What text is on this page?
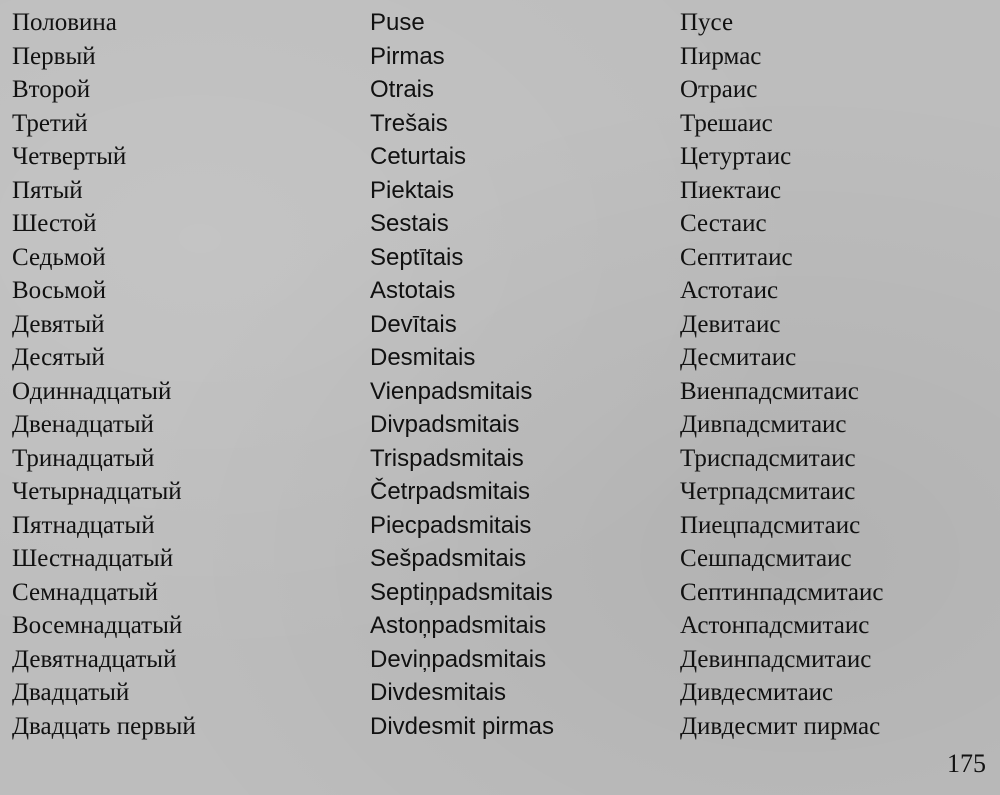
Половина
Первый
Второй
Третий
Четвертый
Пятый
Шестой
Седьмой
Восьмой
Девятый
Десятый
Одиннадцатый
Двенадцатый
Тринадцатый
Четырнадцатый
Пятнадцатый
Шестнадцатый
Семнадцатый
Восемнадцатый
Девятнадцатый
Двадцатый
Двадцать первый
Puse
Pirmas
Otrais
Trešais
Ceturtais
Piektais
Sestais
Septītais
Astotais
Devītais
Desmitais
Vienpadsmitais
Divpadsmitais
Trispadsmitais
Četrpadsmitais
Piecpadsmitais
Sešpadsmitais
Septiņpadsmitais
Astoņpadsmitais
Deviņpadsmitais
Divdesmitais
Divdesmit pirmas
Пусе
Пирмас
Отраис
Трешаис
Цетуртаис
Пиектаис
Сестаис
Септитаис
Астотаис
Девитаис
Десмитаис
Виенпадсмитаис
Дивпадсмитаис
Триспадсмитаис
Четрпадсмитаис
Пиецпадсмитаис
Сешпадсмитаис
Септинпадсмитаис
Астонпадсмитаис
Девинпадсмитаис
Дивдесмитаис
Дивдесмит пирмас
175
